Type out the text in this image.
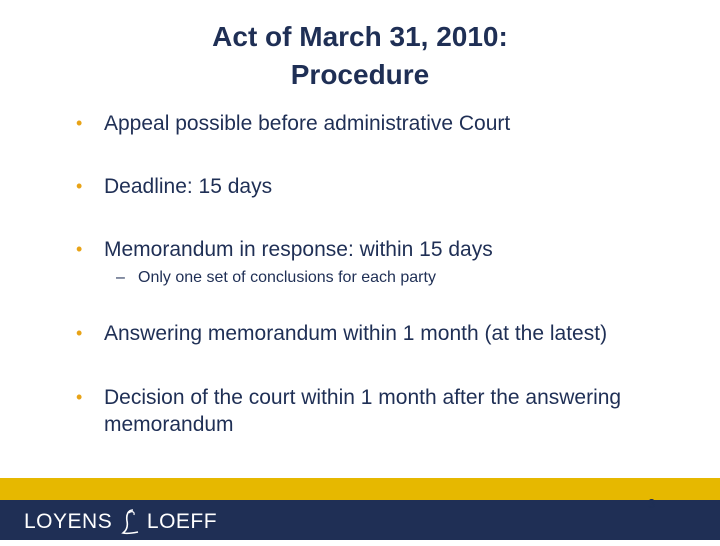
Act of March 31, 2010:
Procedure
• Appeal possible before administrative Court
• Deadline: 15 days
• Memorandum in response: within 15 days
– Only one set of conclusions for each party
• Answering memorandum within 1 month (at the latest)
• Decision of the court within 1 month after the answering memorandum
LOYENS LOEFF
3
